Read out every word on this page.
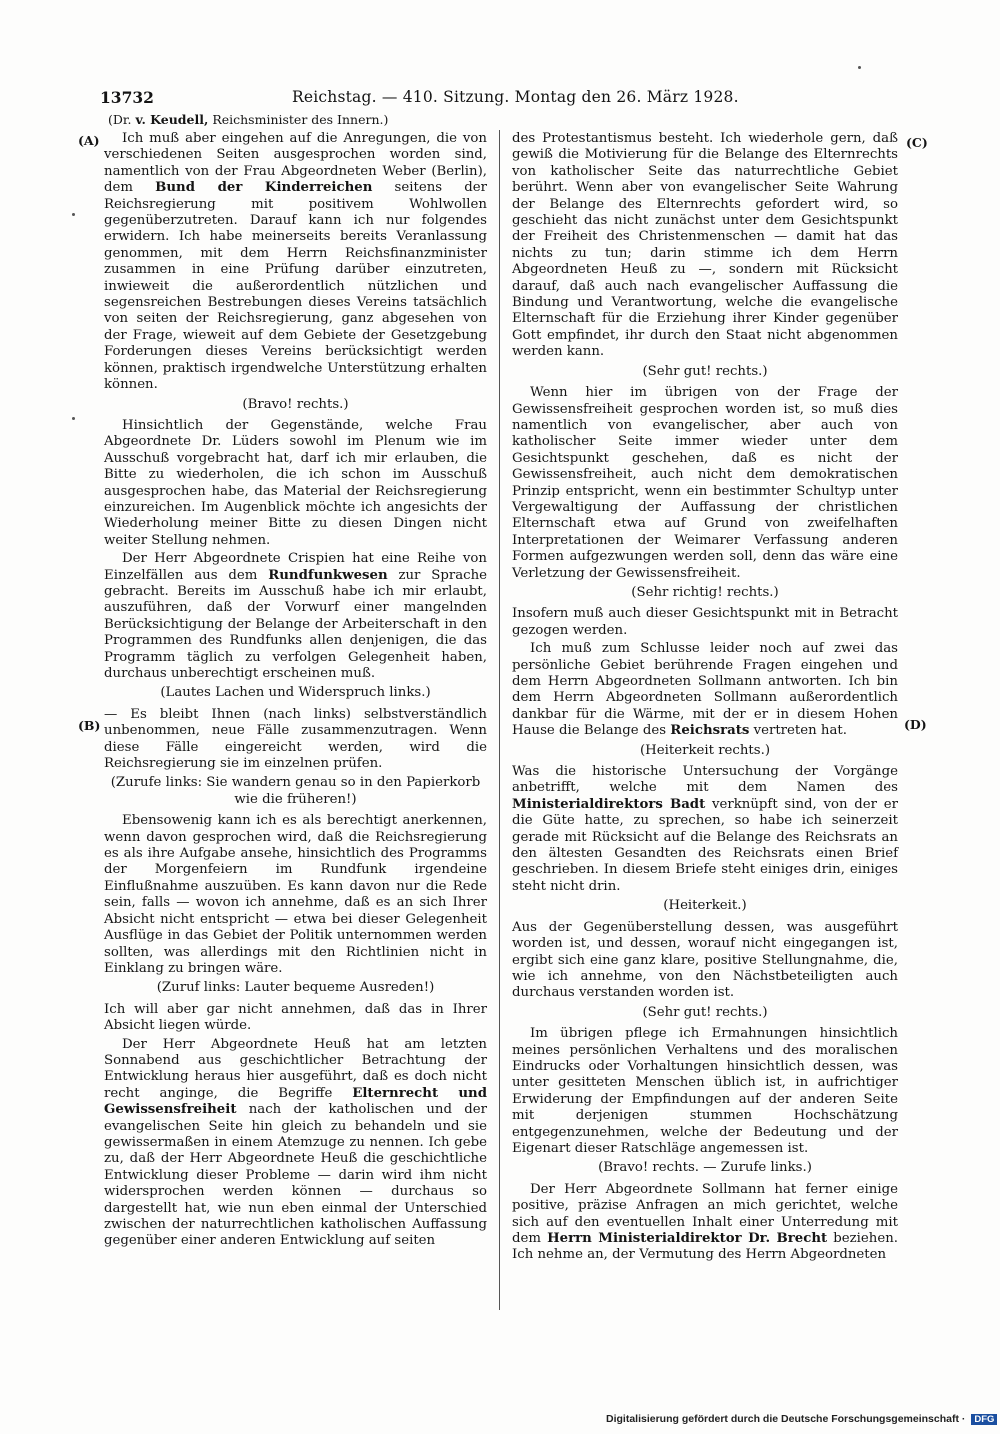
13732	Reichstag. — 410. Sitzung. Montag den 26. März 1928.
(Dr. v. Keudell, Reichsminister des Innern.)
(A)
(B)
(C)
(D)

Ich muß aber eingehen auf die Anregungen, die von verschiedenen Seiten ausgesprochen worden sind, namentlich von der Frau Abgeordneten Weber (Berlin), dem Bund der Kinderreichen seitens der Reichsregierung mit positivem Wohlwollen gegenüberzutreten. Darauf kann ich nur folgendes erwidern. Ich habe meinerseits bereits Veranlassung genommen, mit dem Herrn Reichsfinanzminister zusammen in eine Prüfung darüber einzutreten, inwieweit die außerordentlich nützlichen und segensreichen Bestrebungen dieses Vereins tatsächlich von seiten der Reichsregierung, ganz abgesehen von der Frage, wieweit auf dem Gebiete der Gesetzgebung Forderungen dieses Vereins berücksichtigt werden können, praktisch irgendwelche Unterstützung erhalten können.

(Bravo! rechts.)

Hinsichtlich der Gegenstände, welche Frau Abgeordnete Dr. Lüders sowohl im Plenum wie im Ausschuß vorgebracht hat, darf ich mir erlauben, die Bitte zu wiederholen, die ich schon im Ausschuß ausgesprochen habe, das Material der Reichsregierung einzureichen. Im Augenblick möchte ich angesichts der Wiederholung meiner Bitte zu diesen Dingen nicht weiter Stellung nehmen.

Der Herr Abgeordnete Crispien hat eine Reihe von Einzelfällen aus dem Rundfunkwesen zur Sprache gebracht. Bereits im Ausschuß habe ich mir erlaubt, auszuführen, daß der Vorwurf einer mangelnden Berücksichtigung der Belange der Arbeiterschaft in den Programmen des Rundfunks allen denjenigen, die das Programm täglich zu verfolgen Gelegenheit haben, durchaus unberechtigt erscheinen muß.

(Lautes Lachen und Widerspruch links.)

— Es bleibt Ihnen (nach links) selbstverständlich unbenommen, neue Fälle zusammenzutragen. Wenn diese Fälle eingereicht werden, wird die Reichsregierung sie im einzelnen prüfen.

(Zurufe links: Sie wandern genau so in den Papierkorb wie die früheren!)

Ebensowenig kann ich es als berechtigt anerkennen, wenn davon gesprochen wird, daß die Reichsregierung es als ihre Aufgabe ansehe, hinsichtlich des Programms der Morgenfeiern im Rundfunk irgendeine Einflußnahme auszuüben. Es kann davon nur die Rede sein, falls — wovon ich annehme, daß es an sich Ihrer Absicht nicht entspricht — etwa bei dieser Gelegenheit Ausflüge in das Gebiet der Politik unternommen werden sollten, was allerdings mit den Richtlinien nicht in Einklang zu bringen wäre.

(Zuruf links: Lauter bequeme Ausreden!)

Ich will aber gar nicht annehmen, daß das in Ihrer Absicht liegen würde.

Der Herr Abgeordnete Heuß hat am letzten Sonnabend aus geschichtlicher Betrachtung der Entwicklung heraus hier ausgeführt, daß es doch nicht recht anginge, die Begriffe Elternrecht und Gewissensfreiheit nach der katholischen und der evangelischen Seite hin gleich zu behandeln und sie gewissermaßen in einem Atemzuge zu nennen. Ich gebe zu, daß der Herr Abgeordnete Heuß die geschichtliche Entwicklung dieser Probleme — darin wird ihm nicht widersprochen werden können — durchaus so dargestellt hat, wie nun eben einmal der Unterschied zwischen der naturrechtlichen katholischen Auffassung gegenüber einer anderen Entwicklung auf seiten

des Protestantismus besteht. Ich wiederhole gern, daß gewiß die Motivierung für die Belange des Elternrechts von katholischer Seite das naturrechtliche Gebiet berührt. Wenn aber von evangelischer Seite Wahrung der Belange des Elternrechts gefordert wird, so geschieht das nicht zunächst unter dem Gesichtspunkt der Freiheit des Christenmenschen — damit hat das nichts zu tun; darin stimme ich dem Herrn Abgeordneten Heuß zu —, sondern mit Rücksicht darauf, daß auch nach evangelischer Auffassung die Bindung und Verantwortung, welche die evangelische Elternschaft für die Erziehung ihrer Kinder gegenüber Gott empfindet, ihr durch den Staat nicht abgenommen werden kann.

(Sehr gut! rechts.)

Wenn hier im übrigen von der Frage der Gewissensfreiheit gesprochen worden ist, so muß dies namentlich von evangelischer, aber auch von katholischer Seite immer wieder unter dem Gesichtspunkt geschehen, daß es nicht der Gewissensfreiheit, auch nicht dem demokratischen Prinzip entspricht, wenn ein bestimmter Schultyp unter Vergewaltigung der Auffassung der christlichen Elternschaft etwa auf Grund von zweifelhaften Interpretationen der Weimarer Verfassung anderen Formen aufgezwungen werden soll, denn das wäre eine Verletzung der Gewissensfreiheit.

(Sehr richtig! rechts.)

Insofern muß auch dieser Gesichtspunkt mit in Betracht gezogen werden.

Ich muß zum Schlusse leider noch auf zwei das persönliche Gebiet berührende Fragen eingehen und dem Herrn Abgeordneten Sollmann antworten. Ich bin dem Herrn Abgeordneten Sollmann außerordentlich dankbar für die Wärme, mit der er in diesem Hohen Hause die Belange des Reichsrats vertreten hat.

(Heiterkeit rechts.)

Was die historische Untersuchung der Vorgänge anbetrifft, welche mit dem Namen des Ministerialdirektors Badt verknüpft sind, von der er die Güte hatte, zu sprechen, so habe ich seinerzeit gerade mit Rücksicht auf die Belange des Reichsrats an den ältesten Gesandten des Reichsrats einen Brief geschrieben. In diesem Briefe steht einiges drin, einiges steht nicht drin.

(Heiterkeit.)

Aus der Gegenüberstellung dessen, was ausgeführt worden ist, und dessen, worauf nicht eingegangen ist, ergibt sich eine ganz klare, positive Stellungnahme, die, wie ich annehme, von den Nächstbeteiligten auch durchaus verstanden worden ist.

(Sehr gut! rechts.)

Im übrigen pflege ich Ermahnungen hinsichtlich meines persönlichen Verhaltens und des moralischen Eindrucks oder Vorhaltungen hinsichtlich dessen, was unter gesitteten Menschen üblich ist, in aufrichtiger Erwiderung der Empfindungen auf der anderen Seite mit derjenigen stummen Hochschätzung entgegenzunehmen, welche der Bedeutung und der Eigenart dieser Ratschläge angemessen ist.

(Bravo! rechts. — Zurufe links.)

Der Herr Abgeordnete Sollmann hat ferner einige positive, präzise Anfragen an mich gerichtet, welche sich auf den eventuellen Inhalt einer Unterredung mit dem Herrn Ministerialdirektor Dr. Brecht beziehen. Ich nehme an, der Vermutung des Herrn Abgeordneten

Digitalisierung gefördert durch die Deutsche Forschungsgemeinschaft · DFG
